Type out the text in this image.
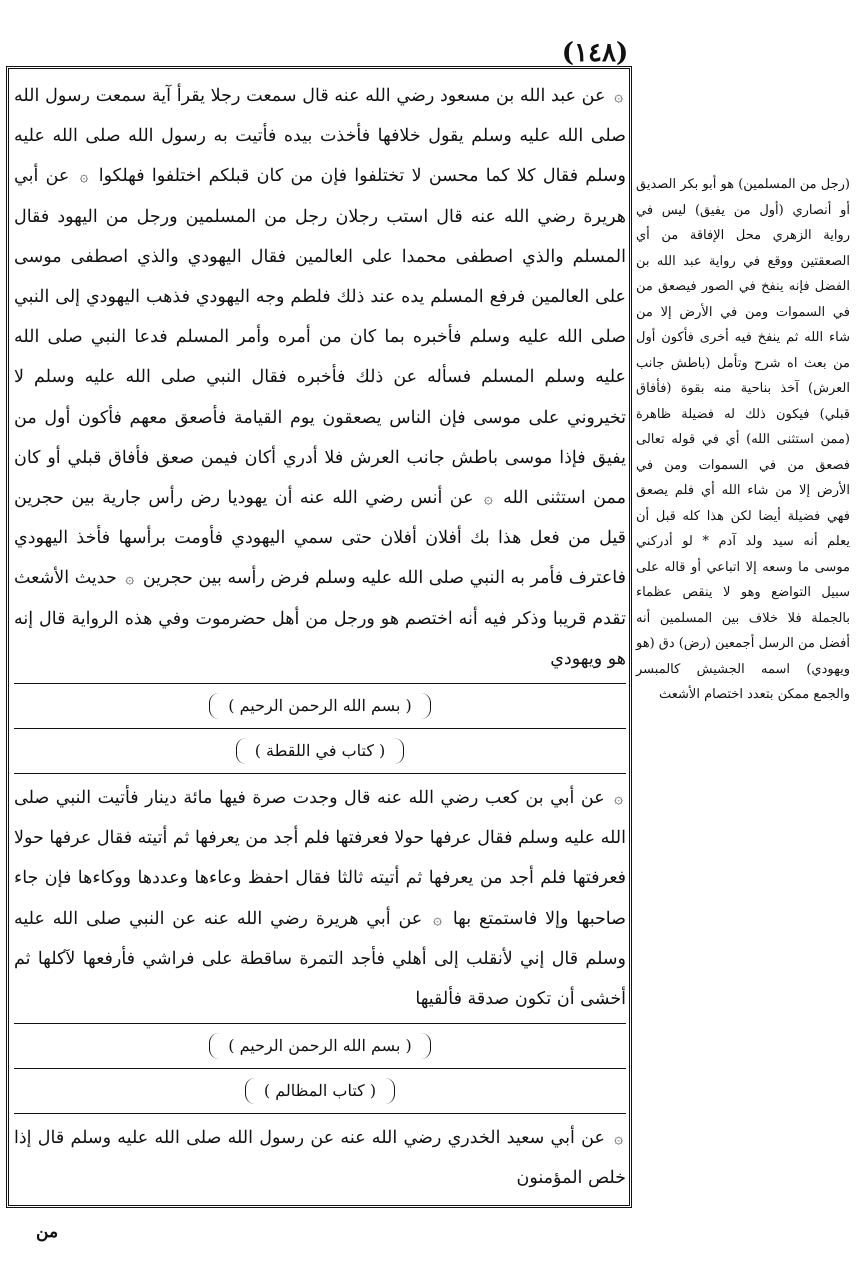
(١٤٨)

۞ عن عبد الله بن مسعود رضي الله عنه قال سمعت رجلا يقرأ آية سمعت رسول الله صلى الله عليه وسلم يقول خلافها فأخذت بيده فأتيت به رسول الله صلى الله عليه وسلم فقال كلا كما محسن لا تختلفوا فإن من كان قبلكم اختلفوا فهلكوا ۞ عن أبي هريرة رضي الله عنه قال استب رجلان رجل من المسلمين ورجل من اليهود فقال المسلم والذي اصطفى محمدا على العالمين فقال اليهودي والذي اصطفى موسى على العالمين فرفع المسلم يده عند ذلك فلطم وجه اليهودي فذهب اليهودي إلى النبي صلى الله عليه وسلم فأخبره بما كان من أمره وأمر المسلم فدعا النبي صلى الله عليه وسلم المسلم فسأله عن ذلك فأخبره فقال النبي صلى الله عليه وسلم لا تخيروني على موسى فإن الناس يصعقون يوم القيامة فأصعق معهم فأكون أول من يفيق فإذا موسى باطش جانب العرش فلا أدري أكان فيمن صعق فأفاق قبلي أو كان ممن استثنى الله ۞ عن أنس رضي الله عنه أن يهوديا رض رأس جارية بين حجرين قيل من فعل هذا بك أفلان أفلان حتى سمي اليهودي فأومت برأسها فأخذ اليهودي فاعترف فأمر به النبي صلى الله عليه وسلم فرض رأسه بين حجرين ۞ حديث الأشعث تقدم قريبا وذكر فيه أنه اختصم هو ورجل من أهل حضرموت وفي هذه الرواية قال إنه هو ويهودي

( بسم الله الرحمن الرحيم )
( كتاب في اللقطة )

۞ عن أبي بن كعب رضي الله عنه قال وجدت صرة فيها مائة دينار فأتيت النبي صلى الله عليه وسلم فقال عرفها حولا فعرفتها فلم أجد من يعرفها ثم أتيته فقال عرفها حولا فعرفتها فلم أجد من يعرفها ثم أتيته ثالثا فقال احفظ وعاءها وعددها ووكاءها فإن جاء صاحبها وإلا فاستمتع بها ۞ عن أبي هريرة رضي الله عنه عن النبي صلى الله عليه وسلم قال إني لأنقلب إلى أهلي فأجد التمرة ساقطة على فراشي فأرفعها لآكلها ثم أخشى أن تكون صدقة فألقيها

( بسم الله الرحمن الرحيم )
( كتاب المظالم )

۞ عن أبي سعيد الخدري رضي الله عنه عن رسول الله صلى الله عليه وسلم قال إذا خلص المؤمنون

(رجل من المسلمين) هو أبو بكر الصديق أو أنصاري (أول من يفيق) ليس في رواية الزهري محل الإفاقة من أي الصعقتين ووقع في رواية عبد الله بن الفضل فإنه ينفخ في الصور فيصعق من في السموات ومن في الأرض إلا من شاء الله ثم ينفخ فيه أخرى فأكون أول من بعث اه شرح وتأمل (باطش جانب العرش) آخذ بناحية منه بقوة (فأفاق قبلي) فيكون ذلك له فضيلة ظاهرة (ممن استثنى الله) أي في قوله تعالى فصعق من في السموات ومن في الأرض إلا من شاء الله أي فلم يصعق فهي فضيلة أيضا لكن هذا كله قبل أن يعلم أنه سيد ولد آدم * لو أدركني موسى ما وسعه إلا اتباعي أو قاله على سبيل التواضع وهو لا ينقص عظماء بالجملة فلا خلاف بين المسلمين أنه أفضل من الرسل أجمعين (رض) دق (هو ويهودي) اسمه الجشيش كالمبسر والجمع ممكن بتعدد اختصام الأشعث

من
